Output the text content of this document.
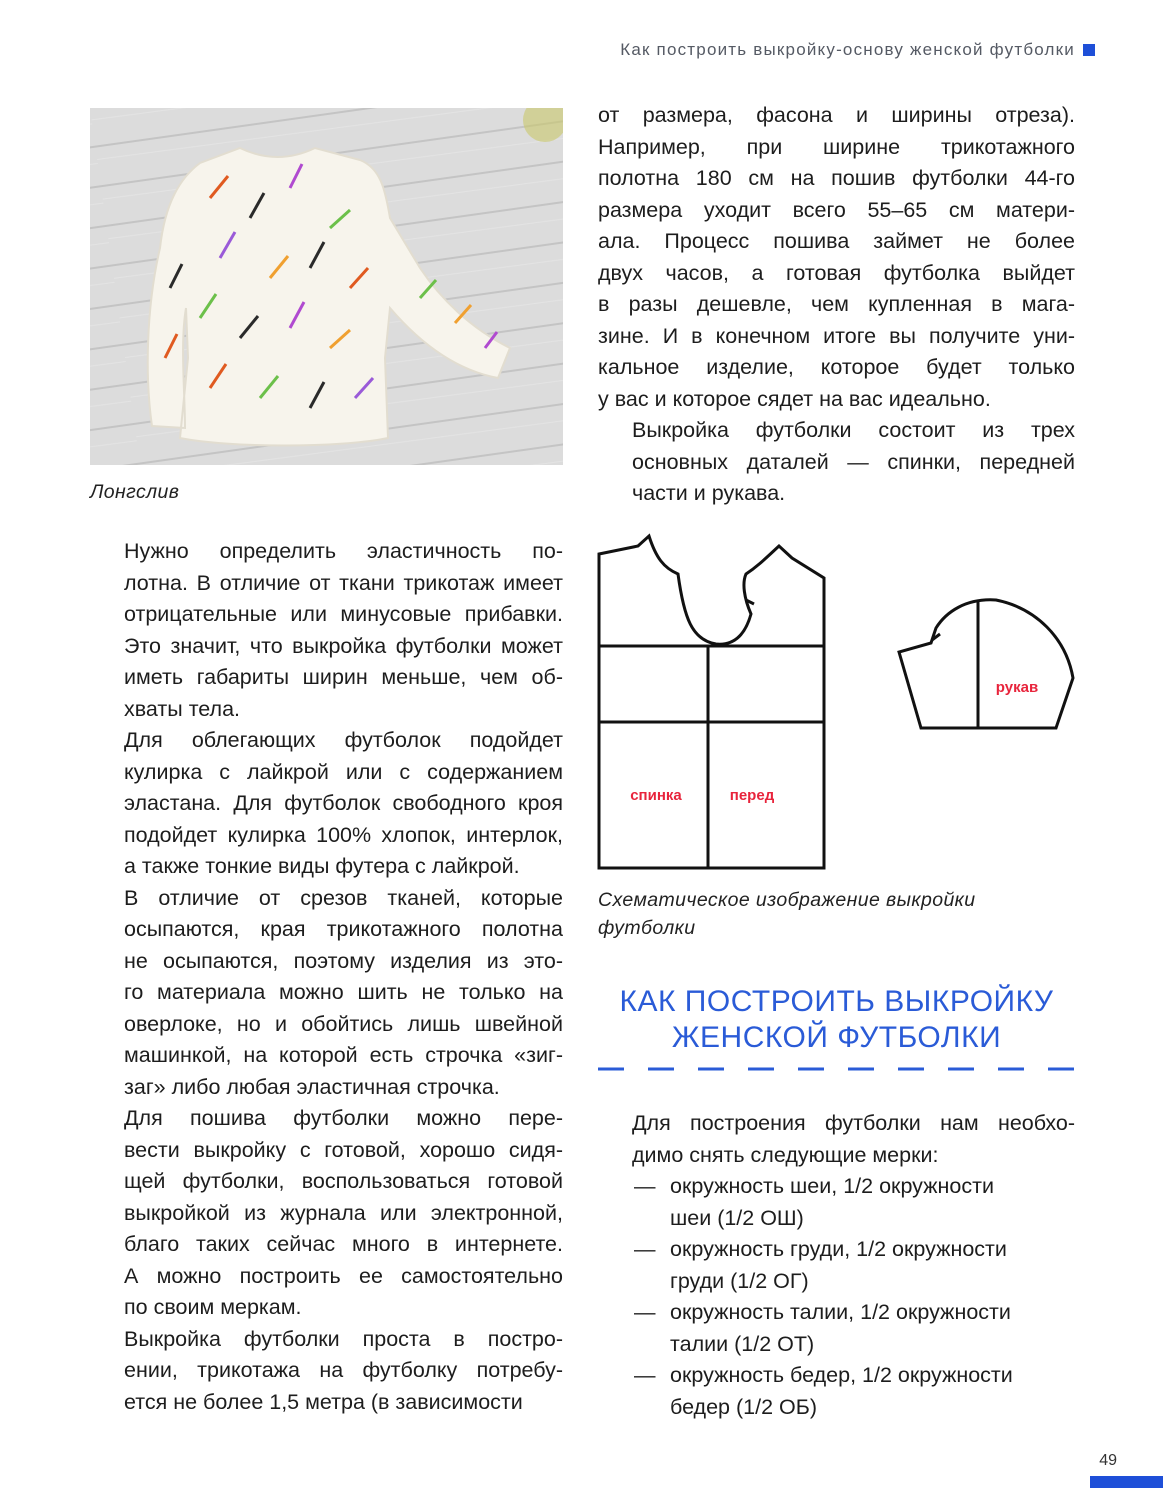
Как построить выкройку-основу женской футболки
Лонгслив

Нужно определить эластичность по-
лотна. В отличие от ткани трикотаж имеет
отрицательные или минусовые прибавки.
Это значит, что выкройка футболки может
иметь габариты ширин меньше, чем об-
хваты тела.

Для облегающих футболок подойдет
кулирка с лайкрой или с содержанием
эластана. Для футболок свободного кроя
подойдет кулирка 100% хлопок, интерлок,
а также тонкие виды футера с лайкрой.

В отличие от срезов тканей, которые
осыпаются, края трикотажного полотна
не осыпаются, поэтому изделия из это-
го материала можно шить не только на
оверлоке, но и обойтись лишь швейной
машинкой, на которой есть строчка «зиг-
заг» либо любая эластичная строчка.

Для пошива футболки можно пере-
вести выкройку с готовой, хорошо сидя-
щей футболки, воспользоваться готовой
выкройкой из журнала или электронной,
благо таких сейчас много в интернете.
А можно построить ее самостоятельно
по своим меркам.

Выкройка футболки проста в постро-
ении, трикотажа на футболку потребу-
ется не более 1,5 метра (в зависимости

от размера, фасона и ширины отреза).
Например, при ширине трикотажного
полотна 180 см на пошив футболки 44-го
размера уходит всего 55–65 см матери-
ала. Процесс пошива займет не более
двух часов, а готовая футболка выйдет
в разы дешевле, чем купленная в мага-
зине. И в конечном итоге вы получите уни-
кальное изделие, которое будет только
у вас и которое сядет на вас идеально.

Выкройка футболки состоит из трех
основных даталей — спинки, передней
части и рукава.

спинка	перед
рукав
Схематическое изображение выкройки
футболки
КАК ПОСТРОИТЬ ВЫКРОЙКУ
ЖЕНСКОЙ ФУТБОЛКИ

Для построения футболки нам необхо-
димо снять следующие мерки:

— окружность шеи, 1/2 окружности
шеи (1/2 ОШ)
— окружность груди, 1/2 окружности
груди (1/2 ОГ)
— окружность талии, 1/2 окружности
талии (1/2 ОТ)
— окружность бедер, 1/2 окружности
бедер (1/2 ОБ)
49
